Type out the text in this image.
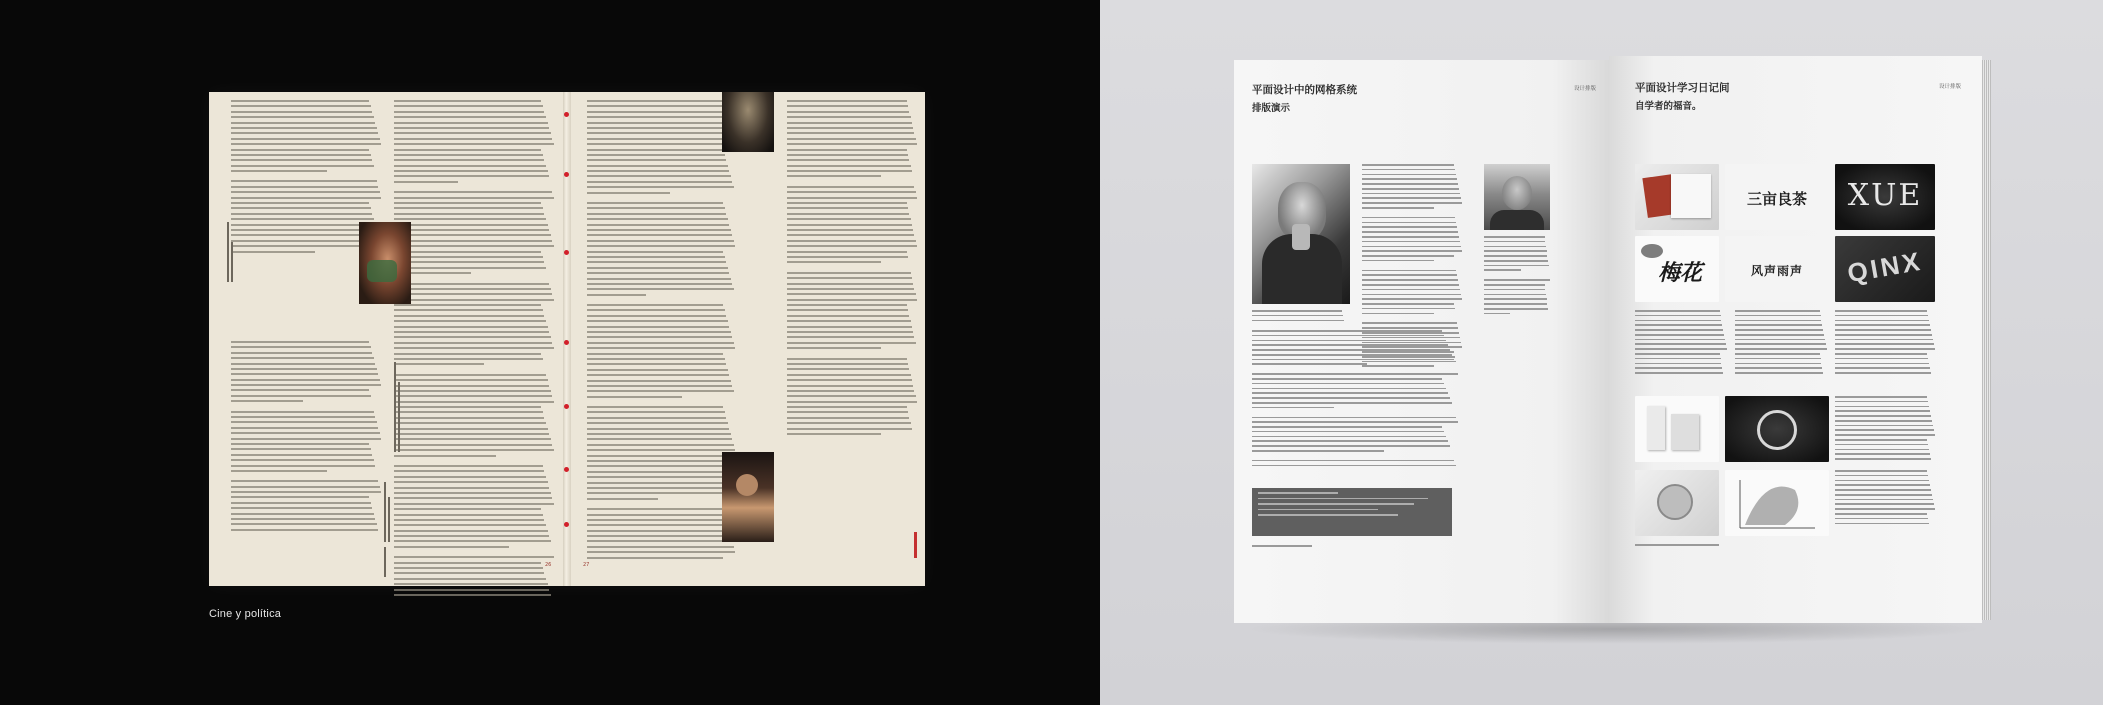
26	27
Cine y política
平面设计中的网格系统
排版演示
设计排版	平面设计学习日记间
自学者的福音。
设计排版
三亩良茶	XUE
梅花	风声雨声	QINX
